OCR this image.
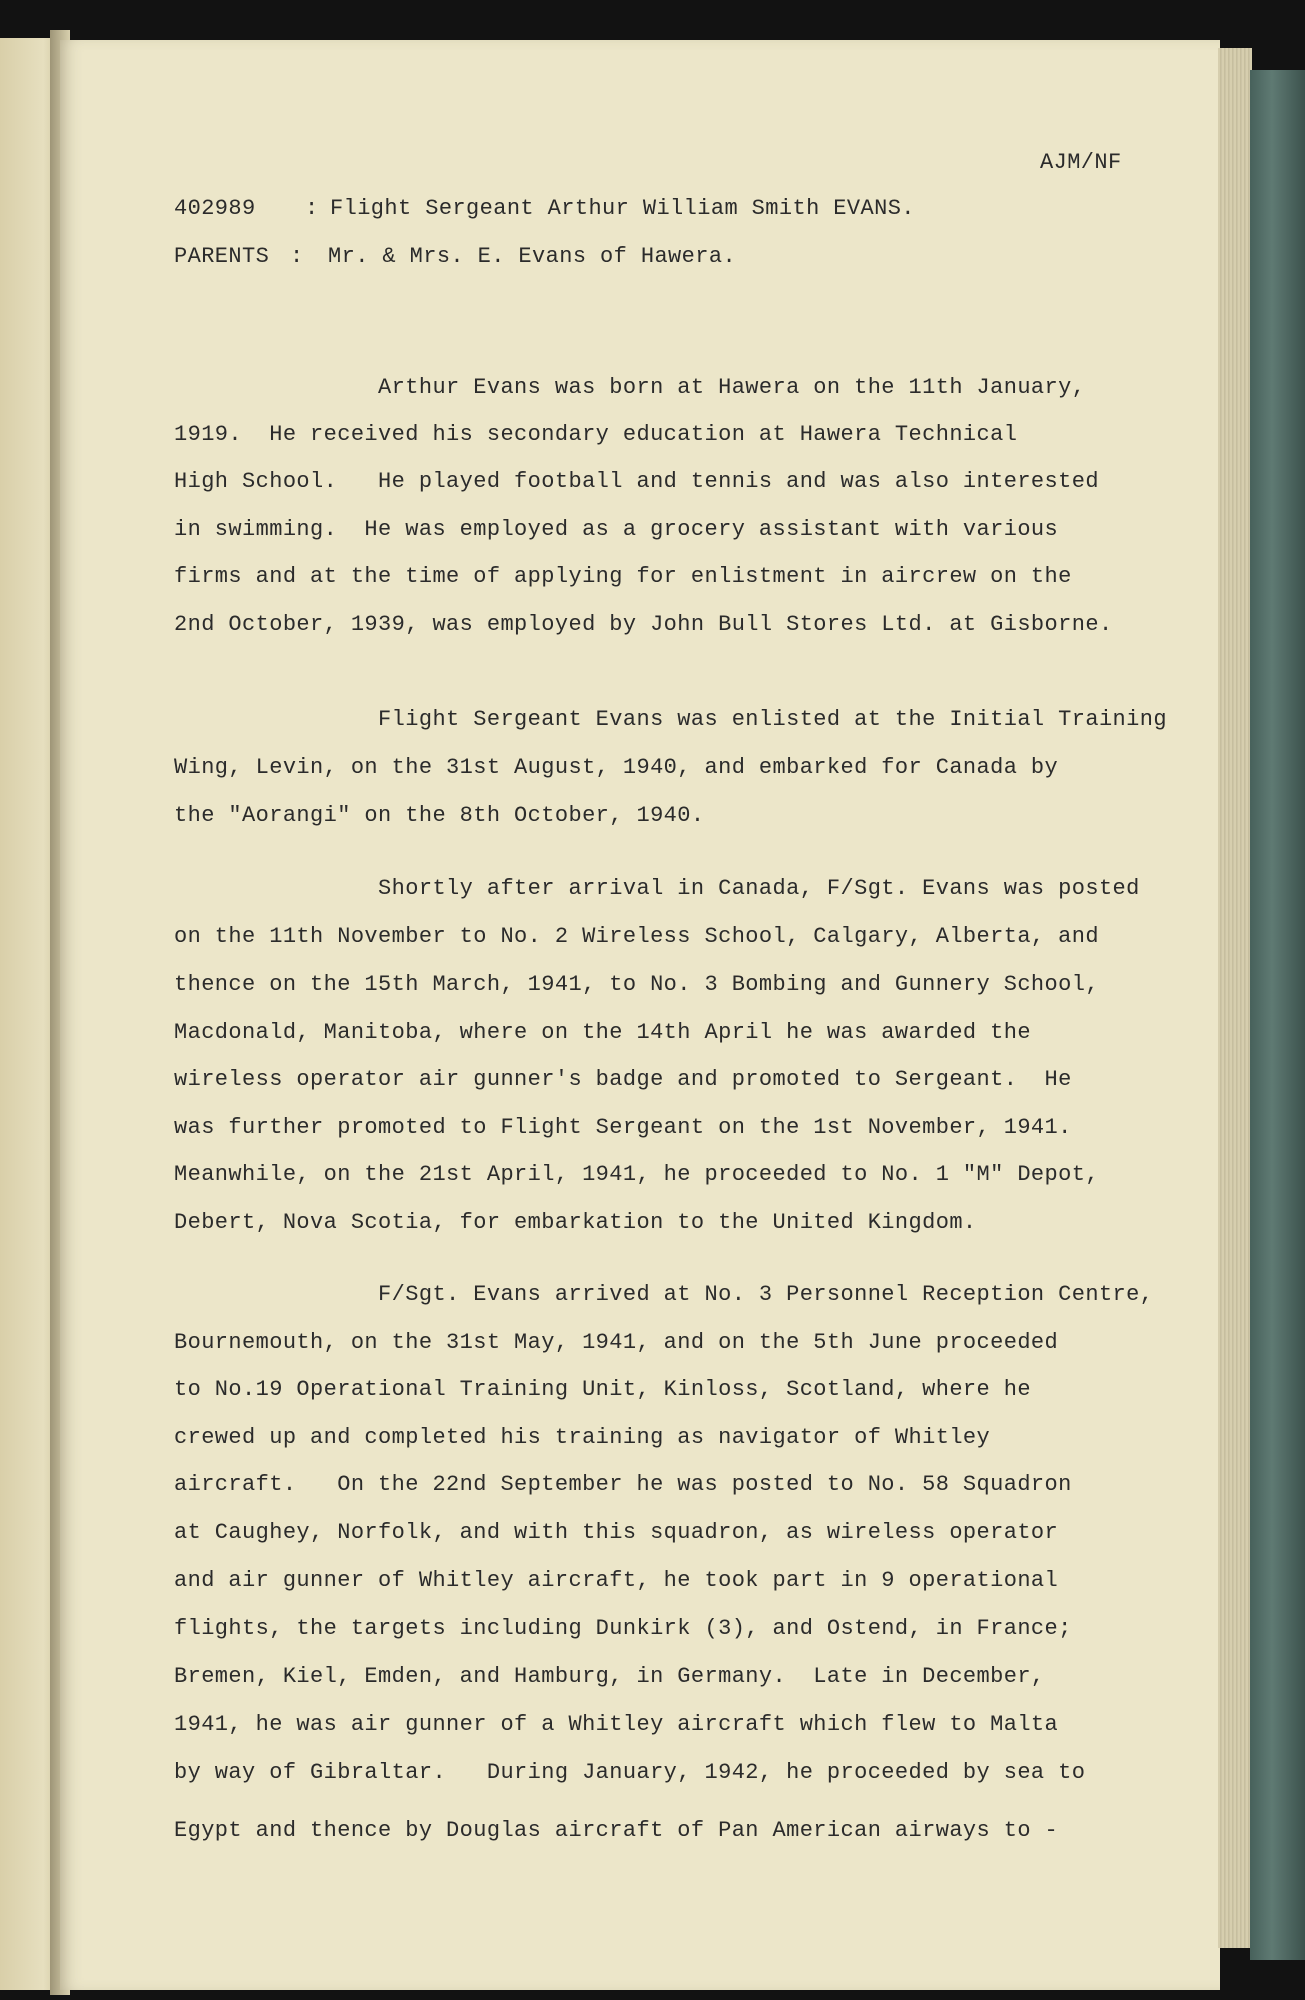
AJM/NF
402989 : Flight Sergeant Arthur William Smith EVANS.
PARENTS : Mr. & Mrs. E. Evans of Hawera.
Arthur Evans was born at Hawera on the 11th January,
1919.  He received his secondary education at Hawera Technical
High School.   He played football and tennis and was also interested
in swimming.  He was employed as a grocery assistant with various
firms and at the time of applying for enlistment in aircrew on the
2nd October, 1939, was employed by John Bull Stores Ltd. at Gisborne.
Flight Sergeant Evans was enlisted at the Initial Training
Wing, Levin, on the 31st August, 1940, and embarked for Canada by
the "Aorangi" on the 8th October, 1940.
Shortly after arrival in Canada, F/Sgt. Evans was posted
on the 11th November to No. 2 Wireless School, Calgary, Alberta, and
thence on the 15th March, 1941, to No. 3 Bombing and Gunnery School,
Macdonald, Manitoba, where on the 14th April he was awarded the
wireless operator air gunner's badge and promoted to Sergeant.  He
was further promoted to Flight Sergeant on the 1st November, 1941.
Meanwhile, on the 21st April, 1941, he proceeded to No. 1 "M" Depot,
Debert, Nova Scotia, for embarkation to the United Kingdom.
F/Sgt. Evans arrived at No. 3 Personnel Reception Centre,
Bournemouth, on the 31st May, 1941, and on the 5th June proceeded
to No.19 Operational Training Unit, Kinloss, Scotland, where he
crewed up and completed his training as navigator of Whitley
aircraft.   On the 22nd September he was posted to No. 58 Squadron
at Caughey, Norfolk, and with this squadron, as wireless operator
and air gunner of Whitley aircraft, he took part in 9 operational
flights, the targets including Dunkirk (3), and Ostend, in France;
Bremen, Kiel, Emden, and Hamburg, in Germany.  Late in December,
1941, he was air gunner of a Whitley aircraft which flew to Malta
by way of Gibraltar.   During January, 1942, he proceeded by sea to
Egypt and thence by Douglas aircraft of Pan American airways to -
